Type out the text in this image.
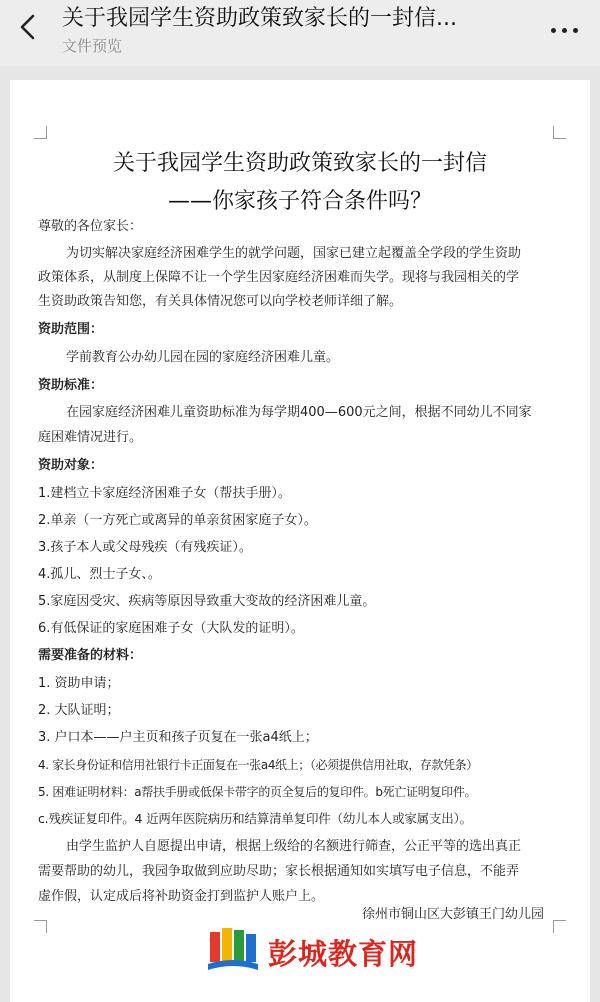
关于我园学生资助政策致家长的一封信...
文件预览
关于我园学生资助政策致家长的一封信
——你家孩子符合条件吗？
尊敬的各位家长：
为切实解决家庭经济困难学生的就学问题，国家已建立起覆盖全学段的学生资助
政策体系，从制度上保障不让一个学生因家庭经济困难而失学。现将与我园相关的学
生资助政策告知您，有关具体情况您可以向学校老师详细了解。
资助范围：
学前教育公办幼儿园在园的家庭经济困难儿童。
资助标准：
在园家庭经济困难儿童资助标准为每学期400—600元之间，根据不同幼儿不同家
庭困难情况进行。
资助对象：
1.建档立卡家庭经济困难子女（帮扶手册）。
2.单亲（一方死亡或离异的单亲贫困家庭子女）。
3.孩子本人或父母残疾（有残疾证）。
4.孤儿、烈士子女、。
5.家庭因受灾、疾病等原因导致重大变故的经济困难儿童。
6.有低保证的家庭困难子女（大队发的证明）。
需要准备的材料：
1. 资助申请；
2. 大队证明；
3. 户口本——户主页和孩子页复在一张a4纸上；
4. 家长身份证和信用社银行卡正面复在一张a4纸上；（必须提供信用社取，存款凭条）
5. 困难证明材料：a帮扶手册或低保卡带字的页全复后的复印件。b死亡证明复印件。
c.残疾证复印件。4 近两年医院病历和结算清单复印件（幼儿本人或家属支出）。
由学生监护人自愿提出申请，根据上级给的名额进行筛查，公正平等的选出真正
需要帮助的幼儿，我园争取做到应助尽助；家长根据通知如实填写电子信息，不能弄
虚作假，认定成后将补助资金打到监护人账户上。
徐州市铜山区大彭镇王门幼儿园
彭城教育网
